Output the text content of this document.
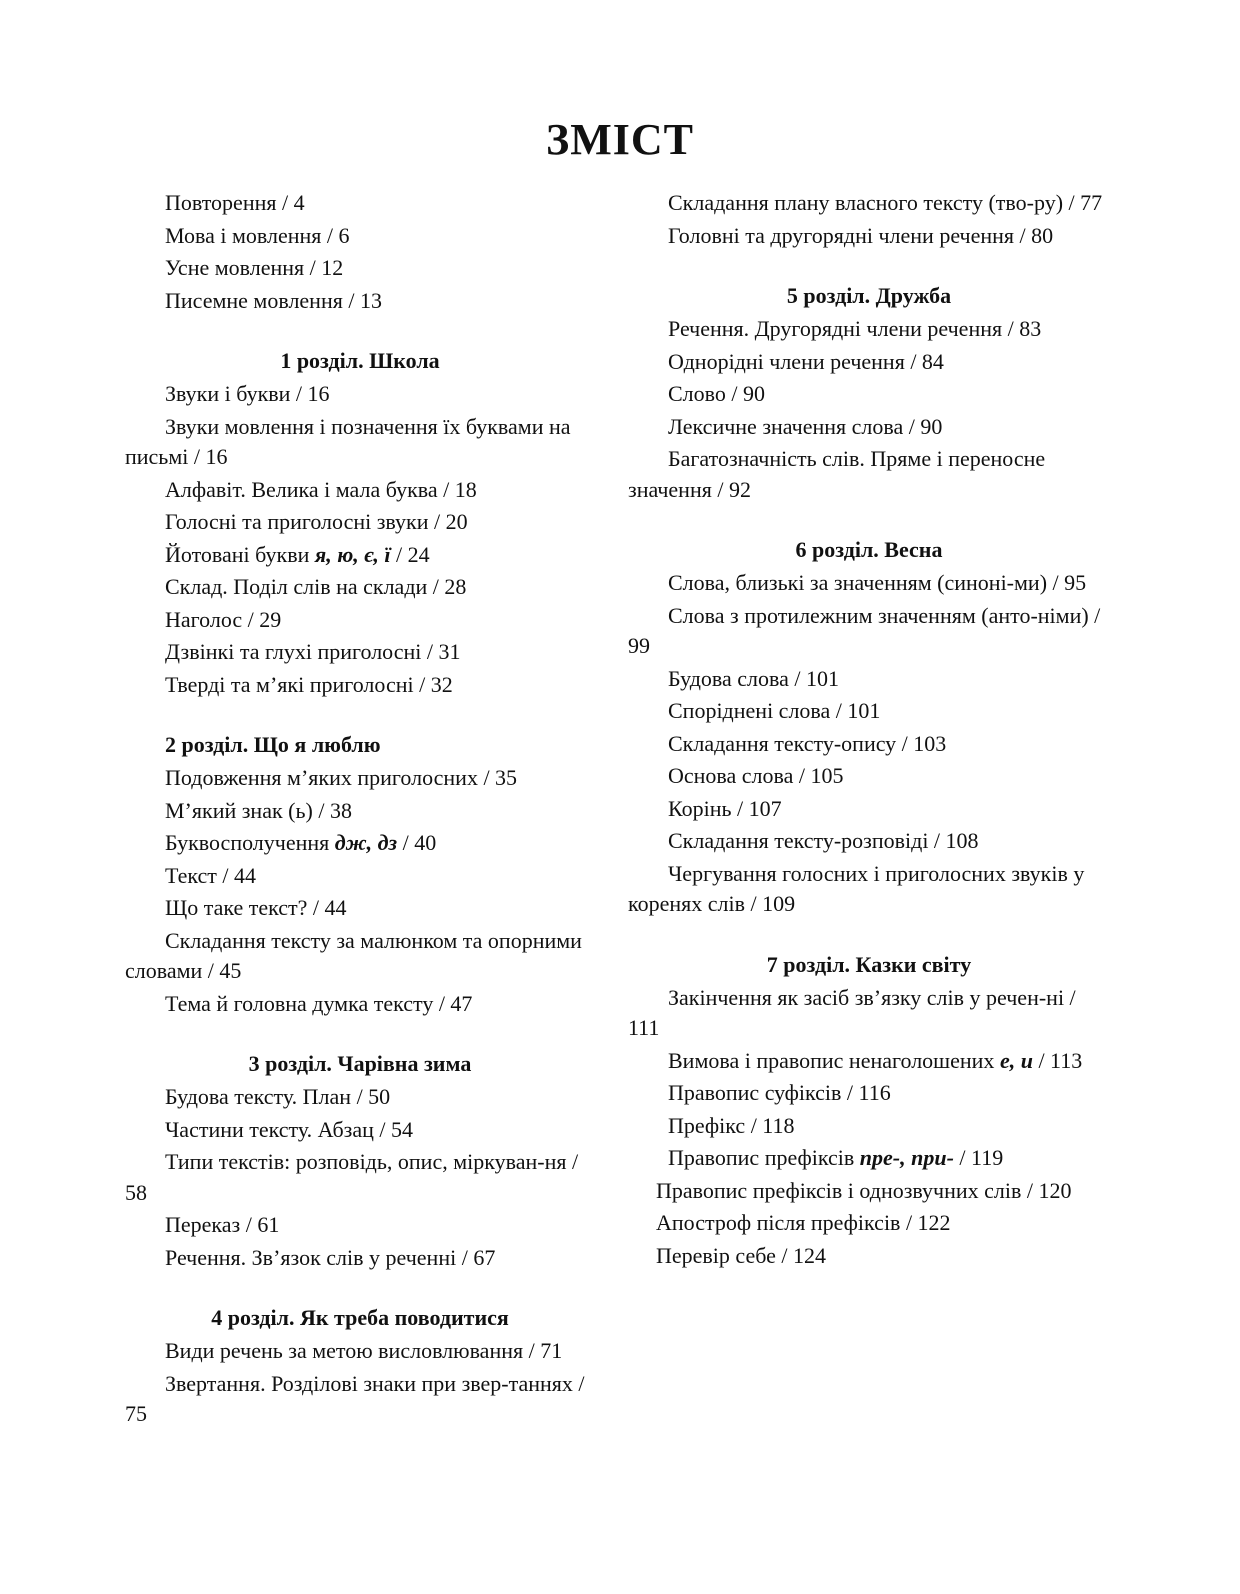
ЗМІСТ
Повторення / 4
Мова і мовлення / 6
Усне мовлення / 12
Писемне мовлення / 13
1 розділ. Школа
Звуки і букви / 16
Звуки мовлення і позначення їх буквами на письмі / 16
Алфавіт. Велика і мала буква / 18
Голосні та приголосні звуки / 20
Йотовані букви я, ю, є, ї / 24
Склад. Поділ слів на склади / 28
Наголос / 29
Дзвінкі та глухі приголосні / 31
Тверді та м’які приголосні / 32
2 розділ. Що я люблю
Подовження м’яких приголосних / 35
М’який знак (ь) / 38
Буквосполучення дж, дз / 40
Текст / 44
Що таке текст? / 44
Складання тексту за малюнком та опорними словами / 45
Тема й головна думка тексту / 47
3 розділ. Чарівна зима
Будова тексту. План / 50
Частини тексту. Абзац / 54
Типи текстів: розповідь, опис, міркуван-ня / 58
Переказ / 61
Речення. Зв’язок слів у реченні / 67
4 розділ. Як треба поводитися
Види речень за метою висловлювання / 71
Звертання. Розділові знаки при звер-таннях / 75
Складання плану власного тексту (тво-ру) / 77
Головні та другорядні члени речення / 80
5 розділ. Дружба
Речення. Другорядні члени речення / 83
Однорідні члени речення / 84
Слово / 90
Лексичне значення слова / 90
Багатозначність слів. Пряме і переносне значення / 92
6 розділ. Весна
Слова, близькі за значенням (синоні-ми) / 95
Слова з протилежним значенням (анто-німи) / 99
Будова слова / 101
Споріднені слова / 101
Складання тексту-опису / 103
Основа слова / 105
Корінь / 107
Складання тексту-розповіді / 108
Чергування голосних і приголосних звуків у коренях слів / 109
7 розділ. Казки світу
Закінчення як засіб зв’язку слів у речен-ні / 111
Вимова і правопис ненаголошених е, и / 113
Правопис суфіксів / 116
Префікс / 118
Правопис префіксів пре-, при- / 119
Правопис префіксів і однозвучних слів / 120
Апостроф після префіксів / 122
Перевір себе / 124
